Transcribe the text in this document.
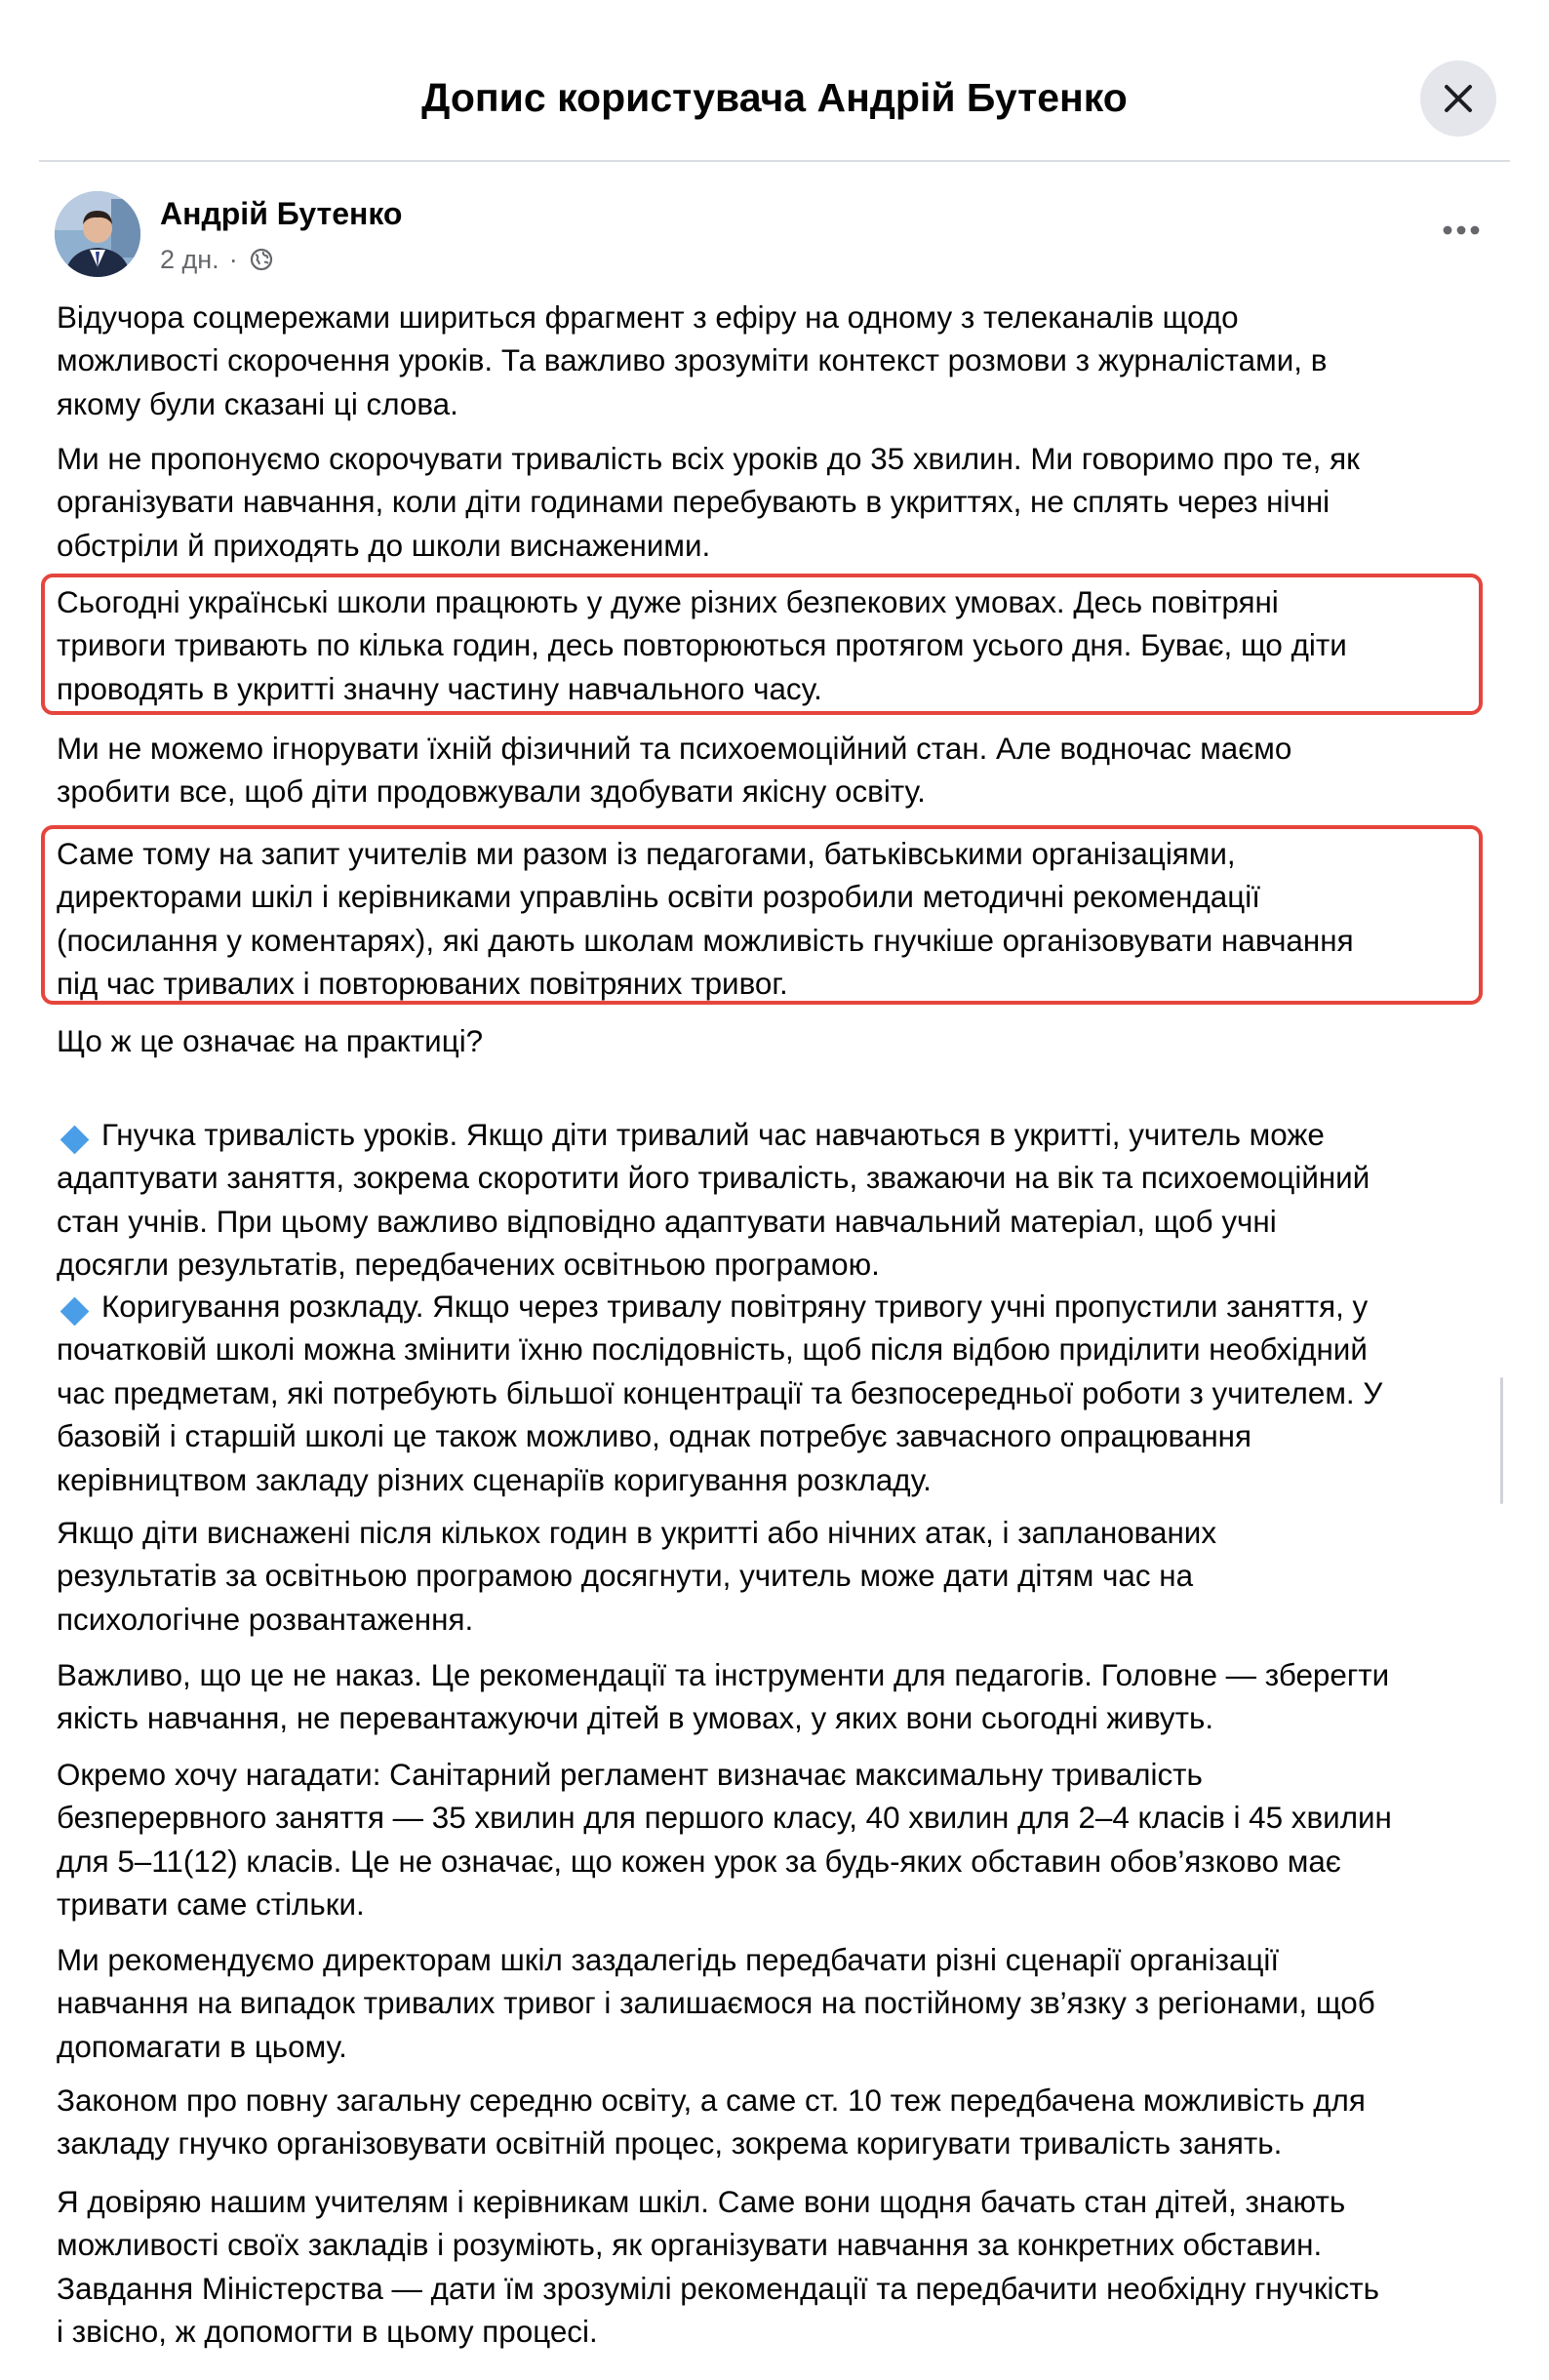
Допис користувача Андрій Бутенко
Андрій Бутенко
2 дн. ·

Відучора соцмережами шириться фрагмент з ефіру на одному з телеканалів щодо
можливості скорочення уроків. Та важливо зрозуміти контекст розмови з журналістами, в
якому були сказані ці слова.

Ми не пропонуємо скорочувати тривалість всіх уроків до 35 хвилин. Ми говоримо про те, як
організувати навчання, коли діти годинами перебувають в укриттях, не сплять через нічні
обстріли й приходять до школи виснаженими.

Сьогодні українські школи працюють у дуже різних безпекових умовах. Десь повітряні
тривоги тривають по кілька годин, десь повторюються протягом усього дня. Буває, що діти
проводять в укритті значну частину навчального часу.

Ми не можемо ігнорувати їхній фізичний та психоемоційний стан. Але водночас маємо
зробити все, щоб діти продовжували здобувати якісну освіту.

Саме тому на запит учителів ми разом із педагогами, батьківськими організаціями,
директорами шкіл і керівниками управлінь освіти розробили методичні рекомендації
(посилання у коментарях), які дають школам можливість гнучкіше організовувати навчання
під час тривалих і повторюваних повітряних тривог.

Що ж це означає на практиці?

Гнучка тривалість уроків. Якщо діти тривалий час навчаються в укритті, учитель може
адаптувати заняття, зокрема скоротити його тривалість, зважаючи на вік та психоемоційний
стан учнів. При цьому важливо відповідно адаптувати навчальний матеріал, щоб учні
досягли результатів, передбачених освітньою програмою.

Коригування розкладу. Якщо через тривалу повітряну тривогу учні пропустили заняття, у
початковій школі можна змінити їхню послідовність, щоб після відбою приділити необхідний
час предметам, які потребують більшої концентрації та безпосередньої роботи з учителем. У
базовій і старшій школі це також можливо, однак потребує завчасного опрацювання
керівництвом закладу різних сценаріїв коригування розкладу.

Якщо діти виснажені після кількох годин в укритті або нічних атак, і запланованих
результатів за освітньою програмою досягнути, учитель може дати дітям час на
психологічне розвантаження.

Важливо, що це не наказ. Це рекомендації та інструменти для педагогів. Головне — зберегти
якість навчання, не перевантажуючи дітей в умовах, у яких вони сьогодні живуть.

Окремо хочу нагадати: Санітарний регламент визначає максимальну тривалість
безперервного заняття — 35 хвилин для першого класу, 40 хвилин для 2–4 класів і 45 хвилин
для 5–11(12) класів. Це не означає, що кожен урок за будь-яких обставин обов’язково має
тривати саме стільки.

Ми рекомендуємо директорам шкіл заздалегідь передбачати різні сценарії організації
навчання на випадок тривалих тривог і залишаємося на постійному зв’язку з регіонами, щоб
допомагати в цьому.

Законом про повну загальну середню освіту, а саме ст. 10 теж передбачена можливість для
закладу гнучко організовувати освітній процес, зокрема коригувати тривалість занять.

Я довіряю нашим учителям і керівникам шкіл. Саме вони щодня бачать стан дітей, знають
можливості своїх закладів і розуміють, як організувати навчання за конкретних обставин.
Завдання Міністерства — дати їм зрозумілі рекомендації та передбачити необхідну гнучкість
і звісно, ж допомогти в цьому процесі.
